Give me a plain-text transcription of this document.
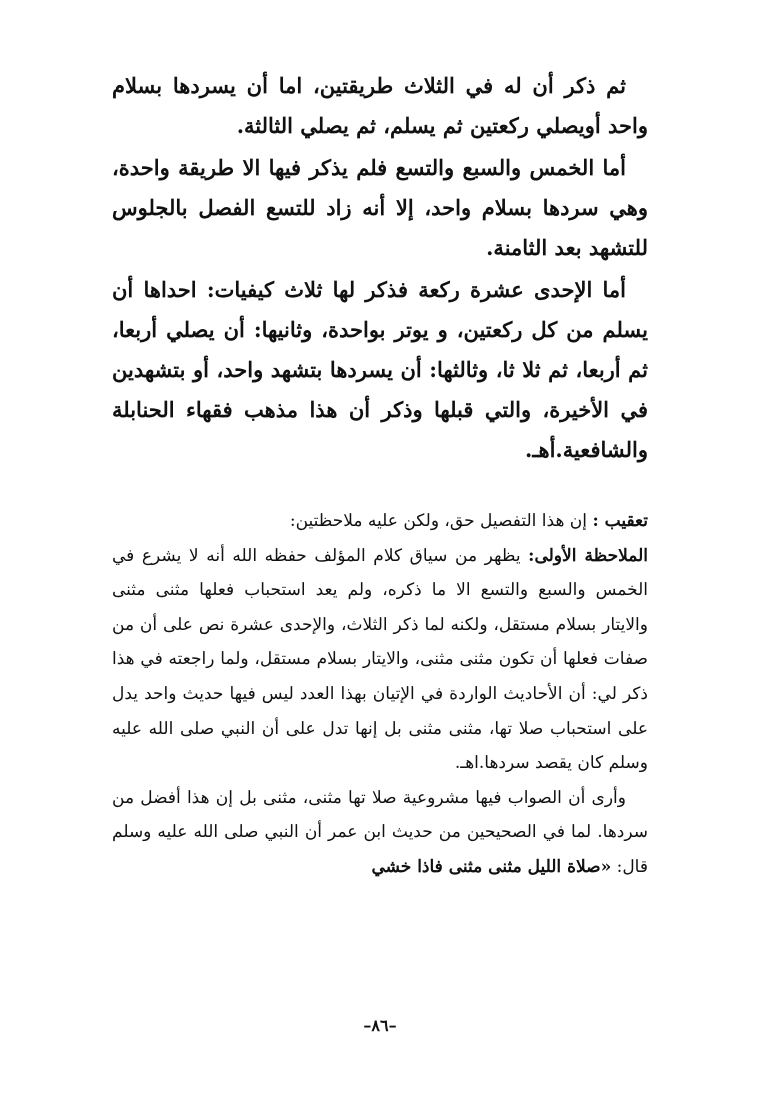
ثم ذكر أن له في الثلاث طريقتين، اما أن يسردها بسلام واحد أويصلي ركعتين ثم يسلم، ثم يصلي الثالثة.

أما الخمس والسبع والتسع فلم يذكر فيها الا طريقة واحدة، وهي سردها بسلام واحد، إلا أنه زاد للتسع الفصل بالجلوس للتشهد بعد الثامنة.

أما الإحدى عشرة ركعة فذكر لها ثلاث كيفيات: احداها أن يسلم من كل ركعتين، و يوتر بواحدة، وثانيها: أن يصلي أربعا، ثم أربعا، ثم ثلا ثا، وثالثها: أن يسردها بتشهد واحد، أو بتشهدين في الأخيرة، والتي قبلها وذكر أن هذا مذهب فقهاء الحنابلة والشافعية.أهـ.

تعقيب : إن هذا التفصيل حق، ولكن عليه ملاحظتين:

الملاحظة الأولى: يظهر من سياق كلام المؤلف حفظه الله أنه لا يشرع في الخمس والسبع والتسع الا ما ذكره، ولم يعد استحباب فعلها مثنى مثنى والايتار بسلام مستقل، ولكنه لما ذكر الثلاث، والإحدى عشرة نص على أن من صفات فعلها أن تكون مثنى مثنى، والايتار بسلام مستقل، ولما راجعته في هذا ذكر لي: أن الأحاديث الواردة في الإتيان بهذا العدد ليس فيها حديث واحد يدل على استحباب صلا تها، مثنى مثنى بل إنها تدل على أن النبي صلى الله عليه وسلم كان يقصد سردها.اهـ.

وأرى أن الصواب فيها مشروعية صلا تها مثنى، مثنى بل إن هذا أفضل من سردها. لما في الصحيحين من حديث ابن عمر أن النبي صلى الله عليه وسلم قال: «صلاة الليل مثنى مثنى فاذا خشي

–٨٦–
